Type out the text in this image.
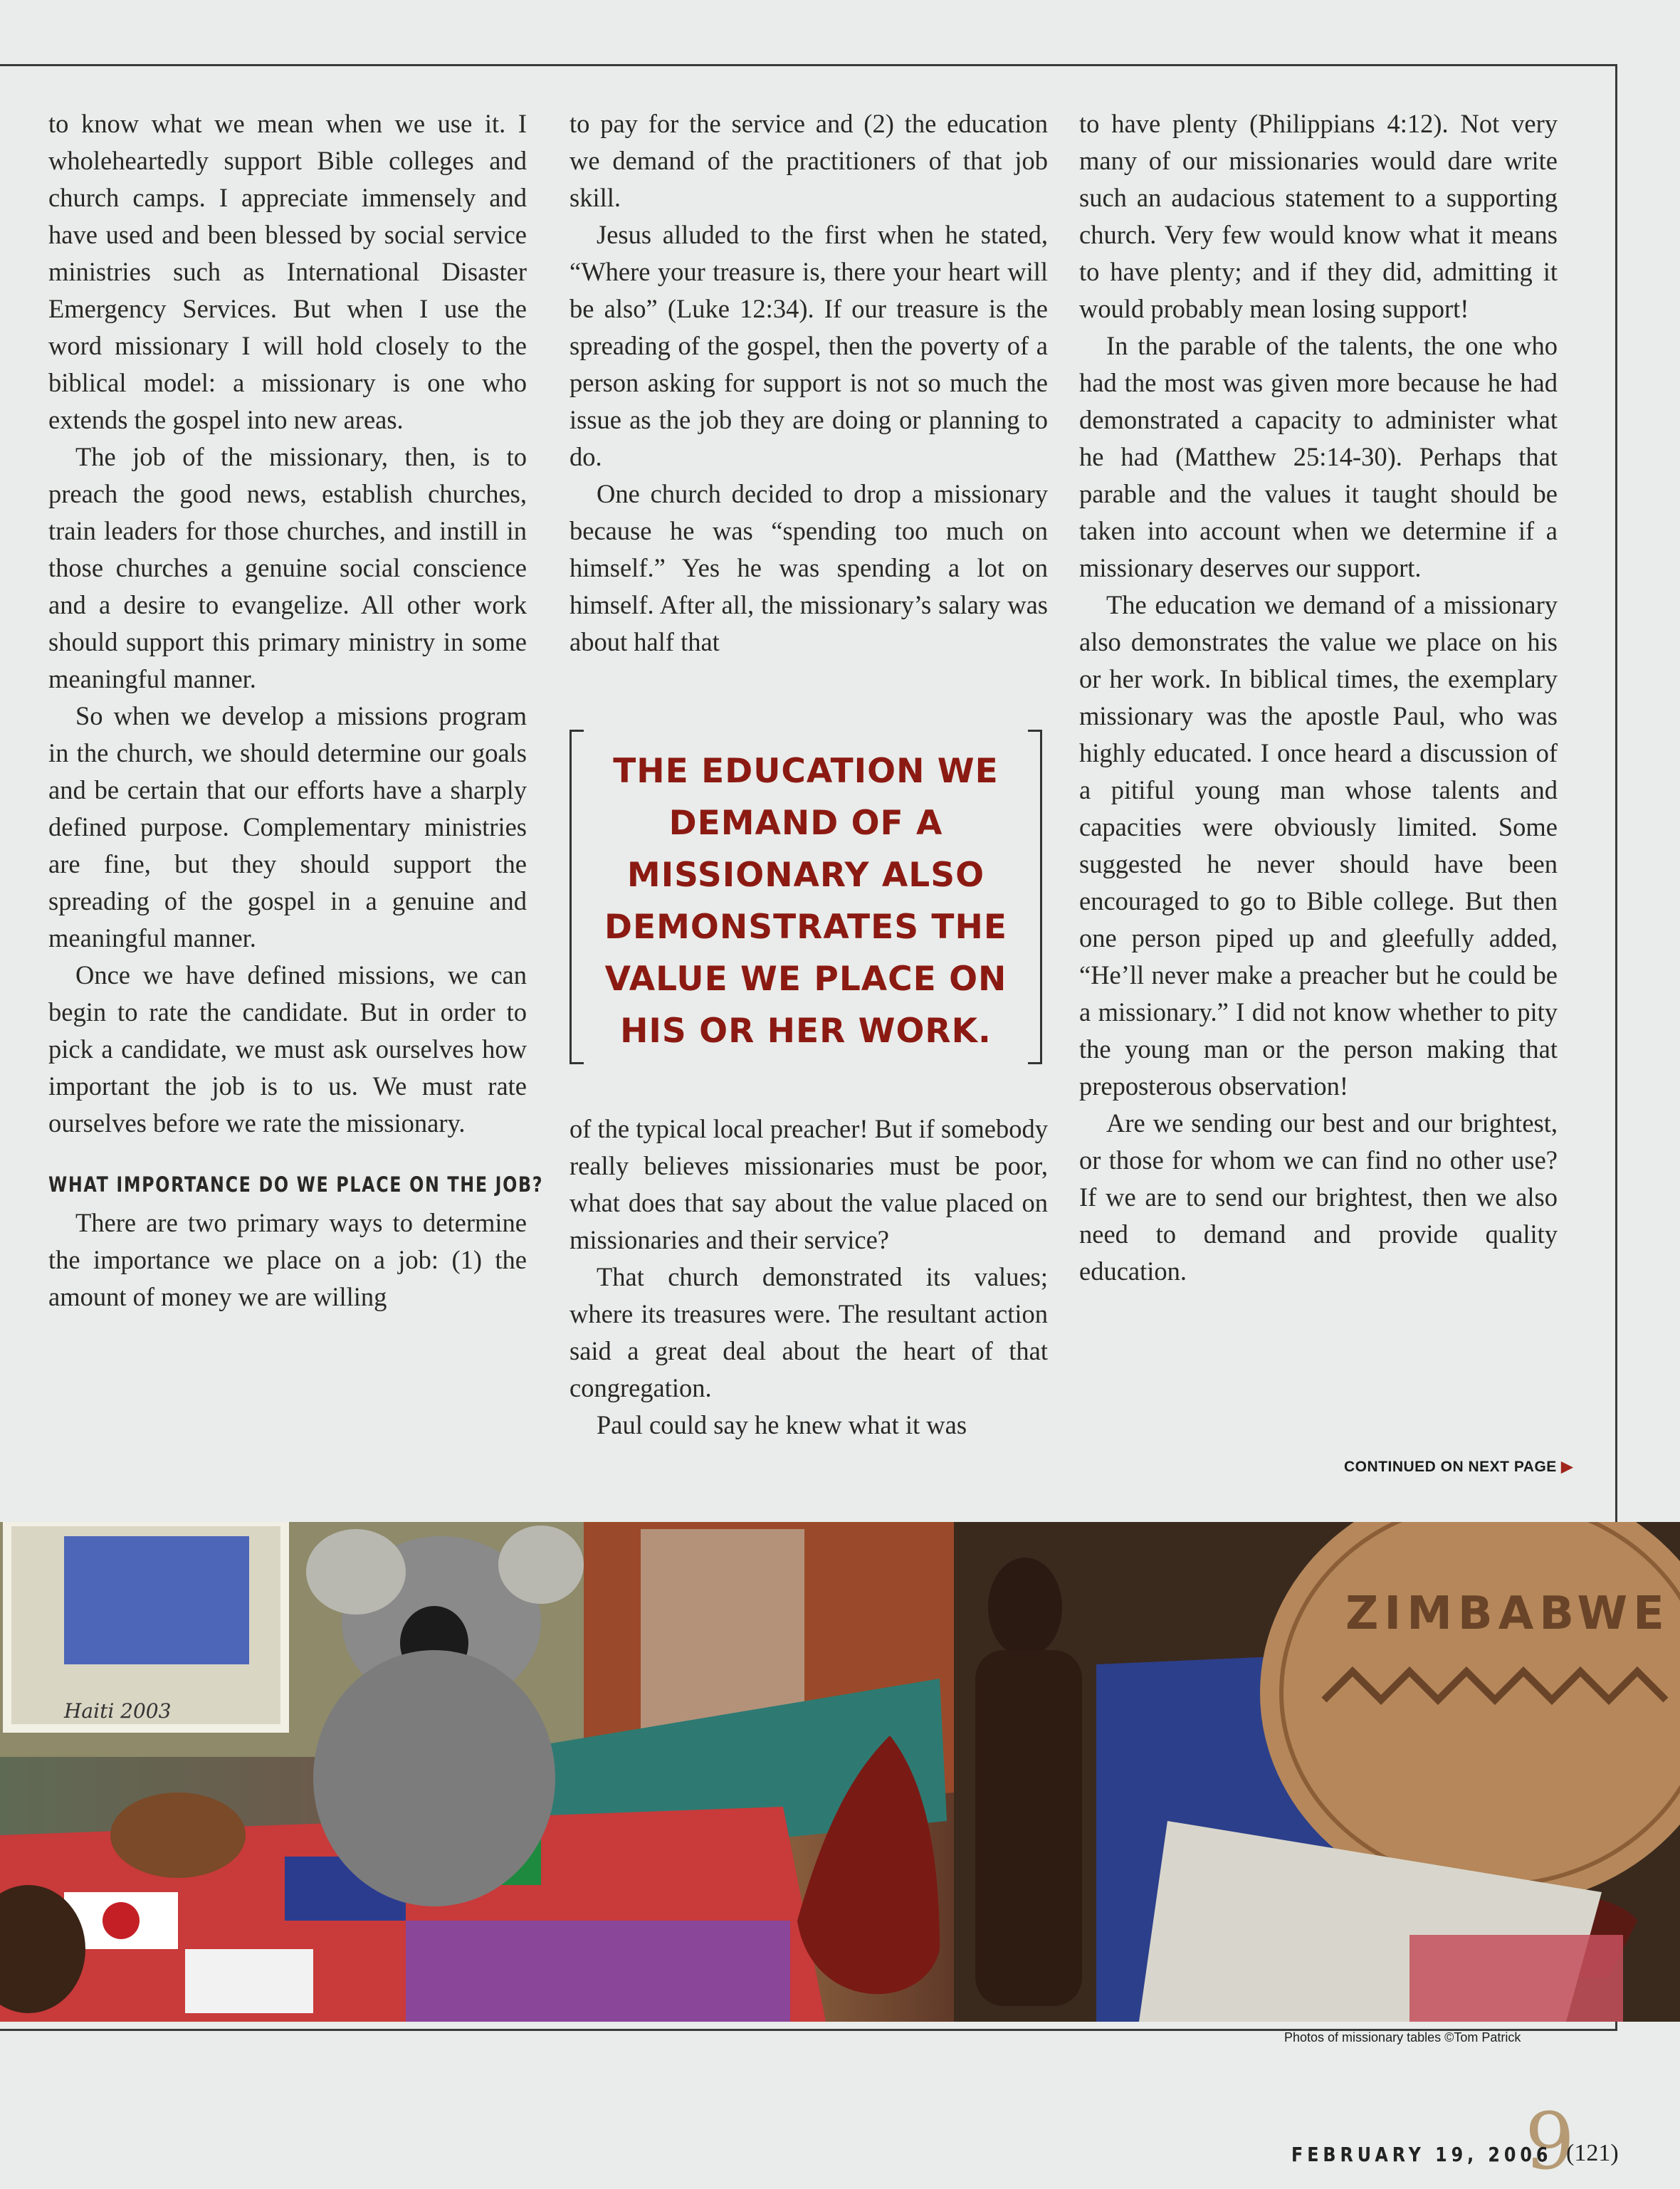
to know what we mean when we use it. I wholeheartedly support Bible colleges and church camps. I appreciate immensely and have used and been blessed by social service ministries such as International Disaster Emergency Services. But when I use the word missionary I will hold closely to the biblical model: a missionary is one who extends the gospel into new areas.

The job of the missionary, then, is to preach the good news, establish churches, train leaders for those churches, and instill in those churches a genuine social conscience and a desire to evangelize. All other work should support this primary ministry in some meaningful manner.

So when we develop a missions program in the church, we should determine our goals and be certain that our efforts have a sharply defined purpose. Complementary ministries are fine, but they should support the spreading of the gospel in a genuine and meaningful manner.

Once we have defined missions, we can begin to rate the candidate. But in order to pick a candidate, we must ask ourselves how important the job is to us. We must rate ourselves before we rate the missionary.

WHAT IMPORTANCE DO WE PLACE ON THE JOB?

There are two primary ways to determine the importance we place on a job: (1) the amount of money we are willing

to pay for the service and (2) the education we demand of the practitioners of that job skill.

Jesus alluded to the first when he stated, “Where your treasure is, there your heart will be also” (Luke 12:34). If our treasure is the spreading of the gospel, then the poverty of a person asking for support is not so much the issue as the job they are doing or planning to do.

One church decided to drop a missionary because he was “spending too much on himself.” Yes he was spending a lot on himself. After all, the missionary’s salary was about half that

THE EDUCATION WE DEMAND OF A MISSIONARY ALSO DEMONSTRATES THE VALUE WE PLACE ON HIS OR HER WORK.

of the typical local preacher! But if somebody really believes missionaries must be poor, what does that say about the value placed on missionaries and their service?

That church demonstrated its values; where its treasures were. The resultant action said a great deal about the heart of that congregation.

Paul could say he knew what it was

to have plenty (Philippians 4:12). Not very many of our missionaries would dare write such an audacious statement to a supporting church. Very few would know what it means to have plenty; and if they did, admitting it would probably mean losing support!

In the parable of the talents, the one who had the most was given more because he had demonstrated a capacity to administer what he had (Matthew 25:14-30). Perhaps that parable and the values it taught should be taken into account when we determine if a missionary deserves our support.

The education we demand of a missionary also demonstrates the value we place on his or her work. In biblical times, the exemplary missionary was the apostle Paul, who was highly educated. I once heard a discussion of a pitiful young man whose talents and capacities were obviously limited. Some suggested he never should have been encouraged to go to Bible college. But then one person piped up and gleefully added, “He’ll never make a preacher but he could be a missionary.” I did not know whether to pity the young man or the person making that preposterous observation!

Are we sending our best and our brightest, or those for whom we can find no other use? If we are to send our brightest, then we also need to demand and provide quality education.

CONTINUED ON NEXT PAGE ▶
Haiti 2003
ZIMBABWE
Photos of missionary tables ©Tom Patrick
9
FEBRUARY 19, 2006 (121)
